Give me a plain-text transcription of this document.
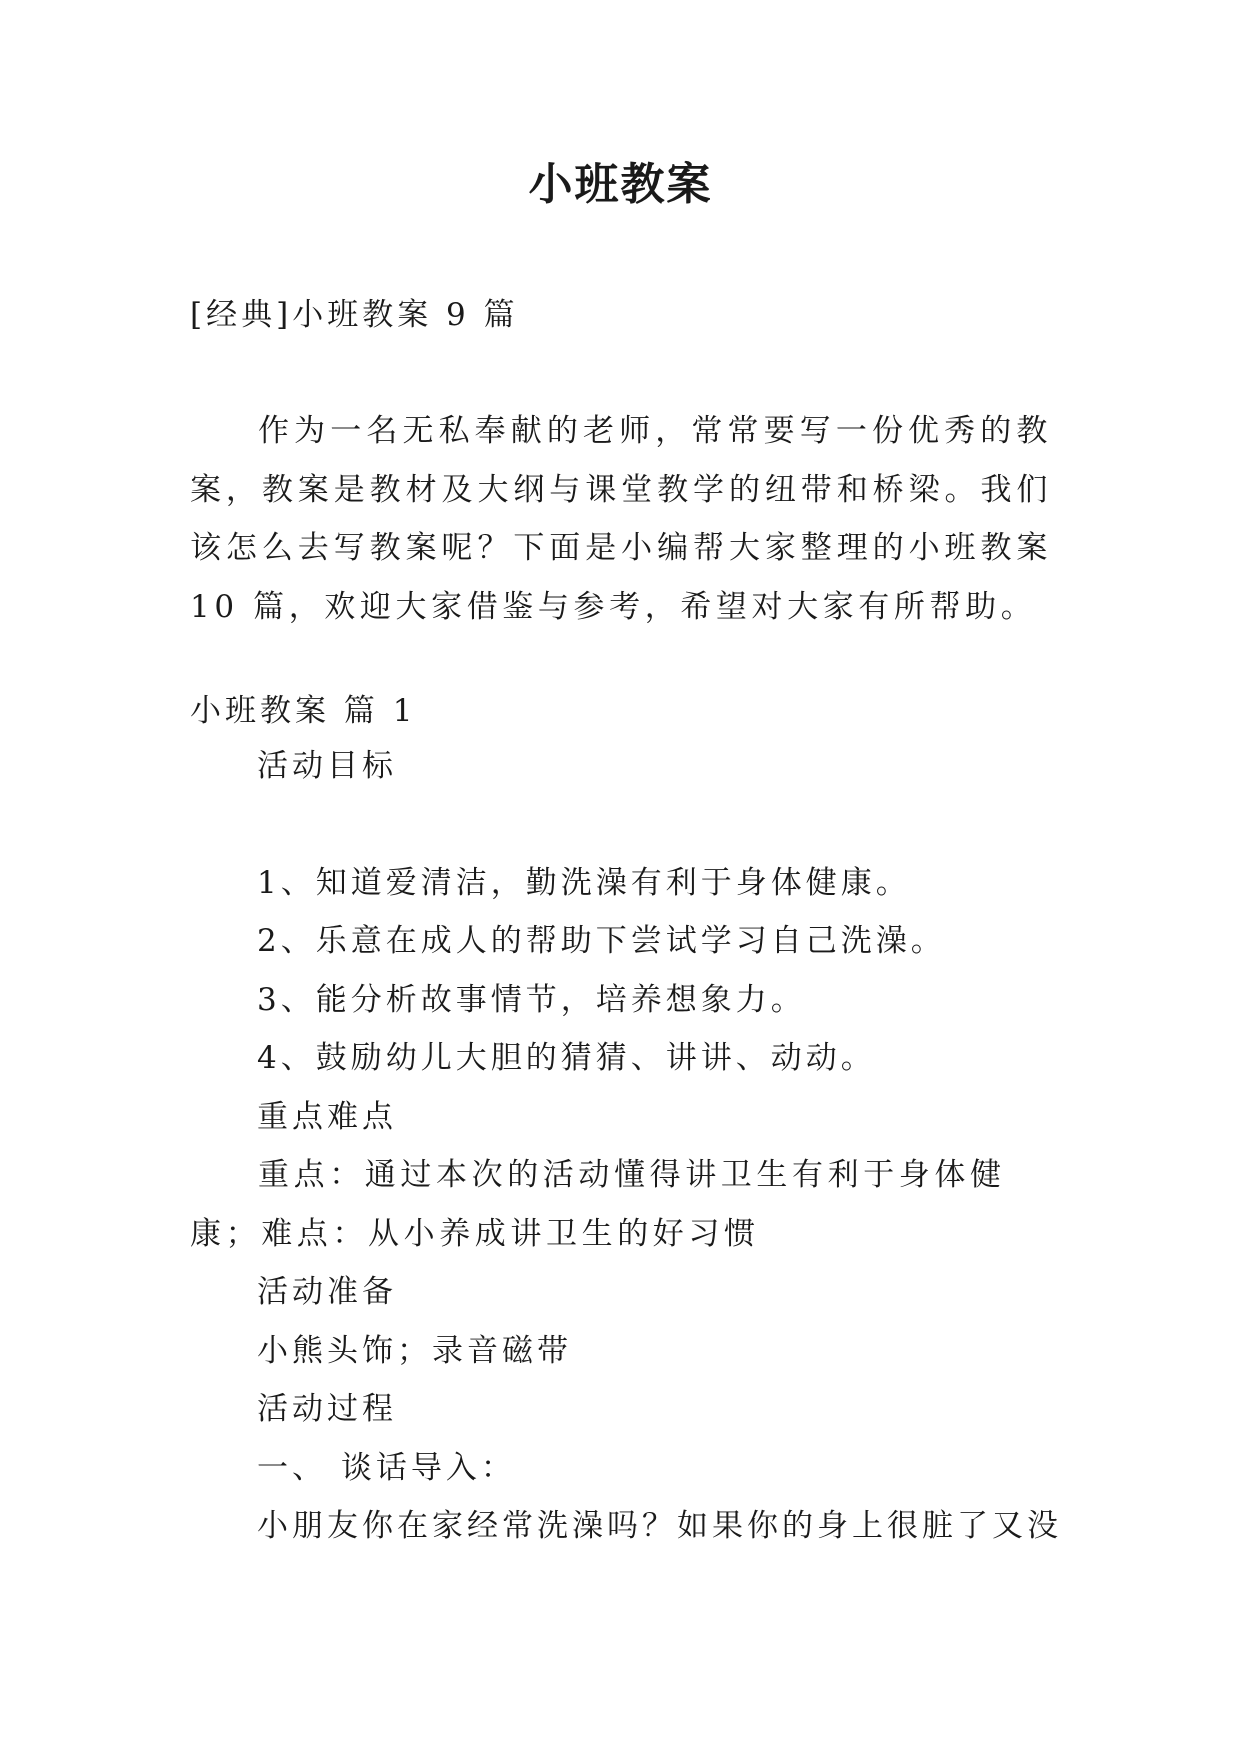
小班教案
[经典]小班教案 9 篇
作为一名无私奉献的老师，常常要写一份优秀的教案，教案是教材及大纲与课堂教学的纽带和桥梁。我们该怎么去写教案呢？下面是小编帮大家整理的小班教案 10 篇，欢迎大家借鉴与参考，希望对大家有所帮助。
小班教案 篇 1
活动目标
1、知道爱清洁，勤洗澡有利于身体健康。
2、乐意在成人的帮助下尝试学习自己洗澡。
3、能分析故事情节，培养想象力。
4、鼓励幼儿大胆的猜猜、讲讲、动动。
重点难点
重点：通过本次的活动懂得讲卫生有利于身体健康；难点：从小养成讲卫生的好习惯
活动准备
小熊头饰；录音磁带
活动过程
一、 谈话导入：
小朋友你在家经常洗澡吗？如果你的身上很脏了又没
